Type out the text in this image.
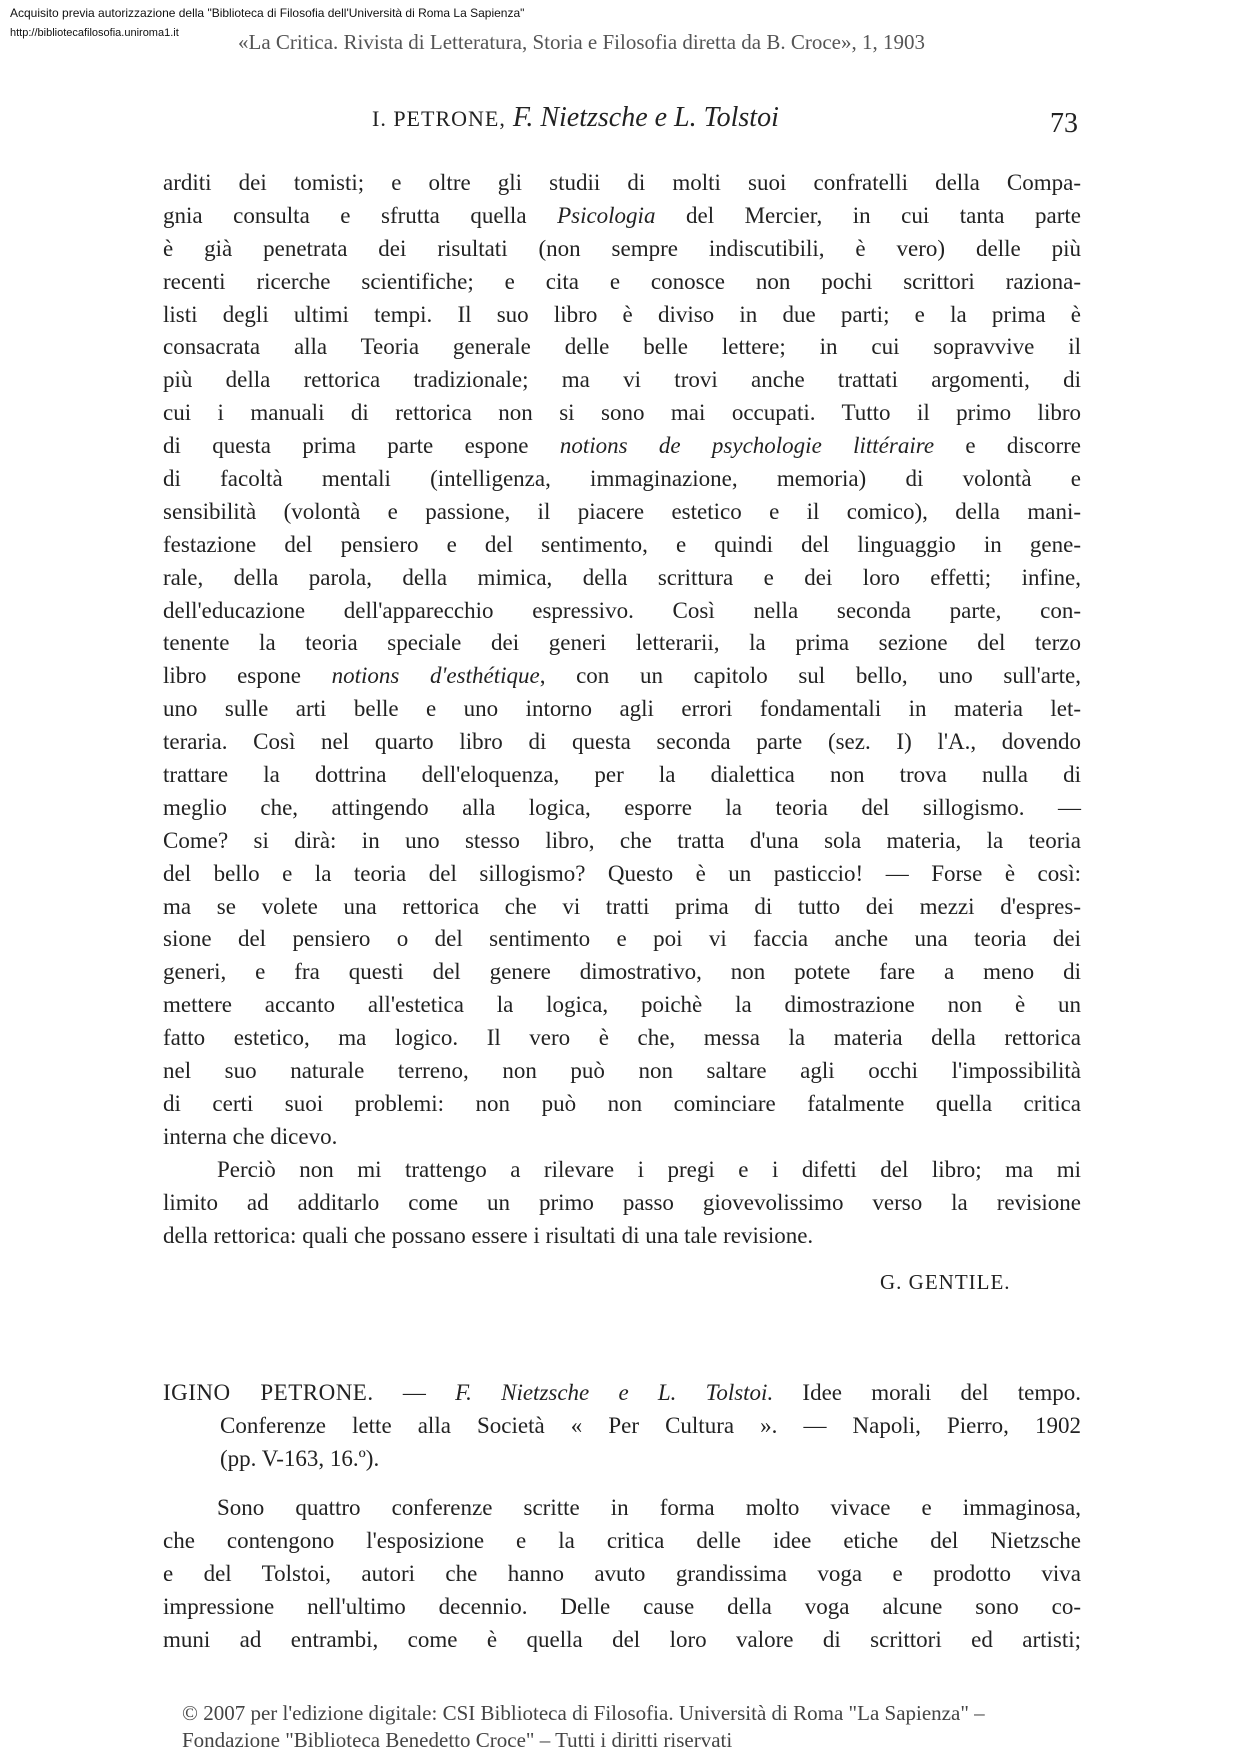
Acquisito previa autorizzazione della "Biblioteca di Filosofia dell'Università di Roma La Sapienza"
http://bibliotecafilosofia.uniroma1.it	«La Critica. Rivista di Letteratura, Storia e Filosofia diretta da B. Croce», 1, 1903
I. PETRONE, F. Nietzsche e L. Tolstoi	73
arditi dei tomisti; e oltre gli studii di molti suoi confratelli della Compa-
gnia consulta e sfrutta quella Psicologia del Mercier, in cui tanta parte
è già penetrata dei risultati (non sempre indiscutibili, è vero) delle più
recenti ricerche scientifiche; e cita e conosce non pochi scrittori raziona-
listi degli ultimi tempi. Il suo libro è diviso in due parti; e la prima è
consacrata alla Teoria generale delle belle lettere; in cui sopravvive il
più della rettorica tradizionale; ma vi trovi anche trattati argomenti, di
cui i manuali di rettorica non si sono mai occupati. Tutto il primo libro
di questa prima parte espone notions de psychologie littéraire e discorre
di facoltà mentali (intelligenza, immaginazione, memoria) di volontà e
sensibilità (volontà e passione, il piacere estetico e il comico), della mani-
festazione del pensiero e del sentimento, e quindi del linguaggio in gene-
rale, della parola, della mimica, della scrittura e dei loro effetti; infine,
dell'educazione dell'apparecchio espressivo. Così nella seconda parte, con-
tenente la teoria speciale dei generi letterarii, la prima sezione del terzo
libro espone notions d'esthétique, con un capitolo sul bello, uno sull'arte,
uno sulle arti belle e uno intorno agli errori fondamentali in materia let-
teraria. Così nel quarto libro di questa seconda parte (sez. I) l'A., dovendo
trattare la dottrina dell'eloquenza, per la dialettica non trova nulla di
meglio che, attingendo alla logica, esporre la teoria del sillogismo. —
Come? si dirà: in uno stesso libro, che tratta d'una sola materia, la teoria
del bello e la teoria del sillogismo? Questo è un pasticcio! — Forse è così:
ma se volete una rettorica che vi tratti prima di tutto dei mezzi d'espres-
sione del pensiero o del sentimento e poi vi faccia anche una teoria dei
generi, e fra questi del genere dimostrativo, non potete fare a meno di
mettere accanto all'estetica la logica, poichè la dimostrazione non è un
fatto estetico, ma logico. Il vero è che, messa la materia della rettorica
nel suo naturale terreno, non può non saltare agli occhi l'impossibilità
di certi suoi problemi: non può non cominciare fatalmente quella critica
interna che dicevo.
Perciò non mi trattengo a rilevare i pregi e i difetti del libro; ma mi
limito ad additarlo come un primo passo giovevolissimo verso la revisione
della rettorica: quali che possano essere i risultati di una tale revisione.
G. GENTILE.
IGINO PETRONE. — F. Nietzsche e L. Tolstoi. Idee morali del tempo.
Conferenze lette alla Società « Per Cultura ». — Napoli, Pierro, 1902
(pp. V-163, 16.º).
Sono quattro conferenze scritte in forma molto vivace e immaginosa,
che contengono l'esposizione e la critica delle idee etiche del Nietzsche
e del Tolstoi, autori che hanno avuto grandissima voga e prodotto viva
impressione nell'ultimo decennio. Delle cause della voga alcune sono co-
muni ad entrambi, come è quella del loro valore di scrittori ed artisti;
© 2007 per l'edizione digitale: CSI Biblioteca di Filosofia. Università di Roma "La Sapienza" –
Fondazione "Biblioteca Benedetto Croce" – Tutti i diritti riservati
